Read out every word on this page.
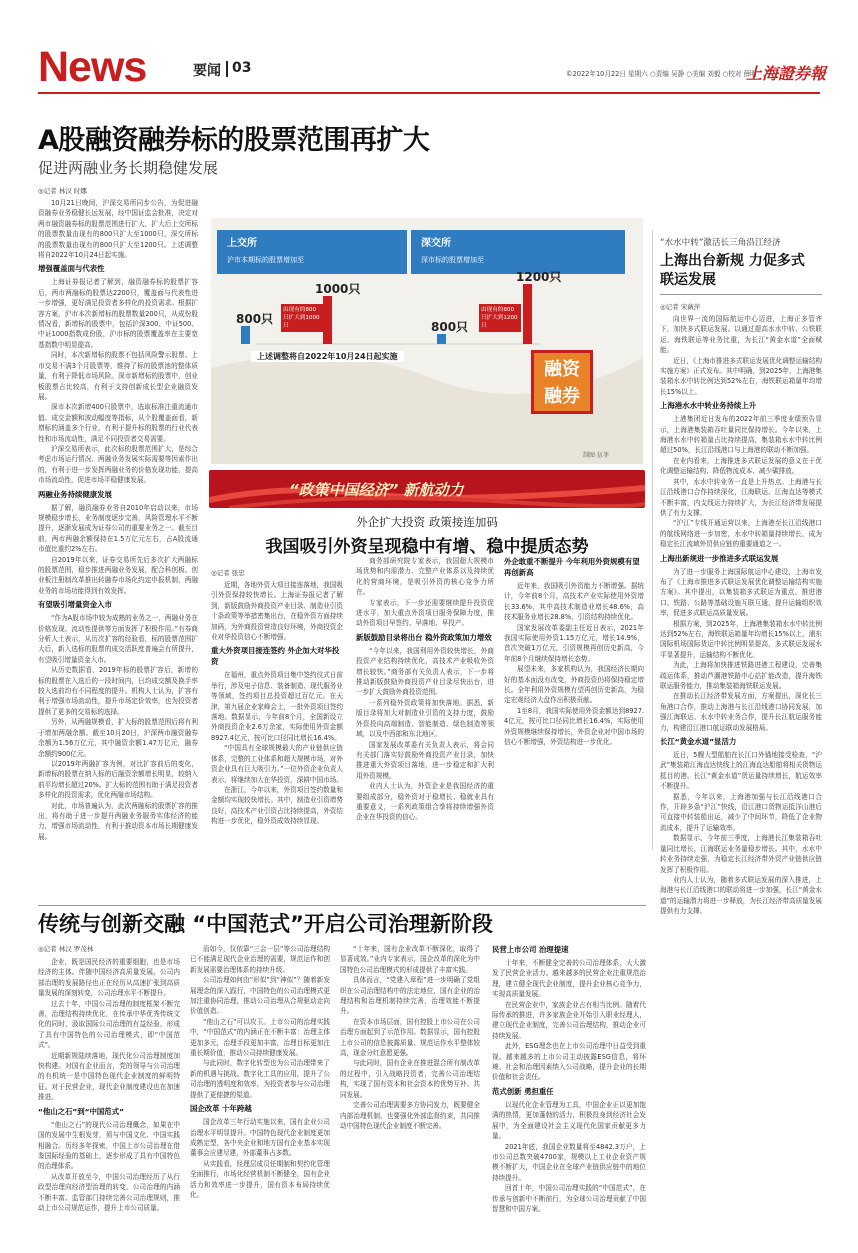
News	要闻 03	©2022年10月22日 星期六 ○责编 吴静 ○美编 刘毅 ○校对 薛明
上海證券報
A股融资融券标的股票范围再扩大
促进两融业务长期稳健发展
◎记者 林汉 时娜

10月21日晚间，沪深交易所同步公告，为促进融资融券业务稳健长远发展，经中国证监会批准，决定对两市融资融券标的股票范围进行扩大，扩大后上交所标的股票数量由现有的800只扩大至1000只，深交所标的股票数量由现有的800只扩大至1200只。上述调整将自2022年10月24日起实施。

增强覆盖面与代表性

上海证券报记者了解到，融资融券标的股票扩容后，两市两融标的股票达2200只，覆盖面与代表性进一步增强，更好满足投资者多样化的投资需求。根据扩容方案，沪市本次新增标的股票数量200只，从成份股情况看，新增标的股票中，包括沪深300、中证500、中证1000指数成份股，沪市标的股票覆盖率在主要宽基指数中明显提高。

同时，本次新增标的股票不包括风险警示股票、上市交易不满3个月股票等，维持了标的股票池的整体质量，有利于降低市场风险。深市新增标的股票中，创业板股票占比较高，有利于支持创新成长型企业融资发展。

深市本次新增400只股票中，选取标准注重流通市值、成交金额和波动幅度等指标，从个股覆盖面看，新增标的涵盖多个行业，有利于提升标的股票的行业代表性和市场流动性，满足不同投资者交易需要。

沪深交易所表示，此次标的股票范围扩大，是综合考虑市场运行情况、两融业务发展实际需要等因素作出的，有利于进一步发挥两融业务的价格发现功能，提高市场流动性，促进市场平稳健康发展。

两融业务持续健康发展

据了解，融资融券业务自2010年启动以来，市场规模稳步增长，业务制度逐步完善，风险管理水平不断提升，逐渐发展成为证券公司的重要业务之一。截至目前，两市两融余额保持在1.5万亿元左右，占A股流通市值比重约2%左右。

自2019年以来，证券交易所先后多次扩大两融标的股票范围，稳步推进两融业务发展，配合科创板、创业板注册制改革推出转融券市场化约定申报机制，两融业务的市场功能得到有效发挥。

有望吸引增量资金入市

“作为A股市场中较为成熟的业务之一，两融业务在价格发现、流动性提供等方面发挥了积极作用。”有券商分析人士表示，从历次扩容的经验看，标的股票范围扩大后，新入选标的股票的成交活跃度普遍会有所提升，有望吸引增量资金入市。

从历史数据看，2019年标的股票扩容后，新增的标的股票在入选后的一段时间内，日均成交额及换手率较入选前均有不同程度的提升。机构人士认为，扩容有利于增强市场流动性，提升市场定价效率，也为投资者提供了更多的交易标的选择。

另外，从两融规模看，扩大标的股票范围后将有利于增加两融余额。截至10月20日，沪深两市融资融券余额为1.56万亿元，其中融资余额1.47万亿元，融券余额约900亿元。

以2019年两融扩容为例，对比扩容前后的变化，新增标的股票在纳入标的后融资余额增长明显，较纳入前平均增长超过20%。扩大标的范围有助于满足投资者多样化的投资需求，优化两融市场结构。

对此，市场普遍认为，此次两融标的股票扩容的推出，将有助于进一步提升两融业务服务实体经济的能力，增强市场流动性，有利于推动资本市场长期健康发展。

上交所
沪市本期标的股票增加至
深交所
深市标的股票增加至
800只
1000只
由现有的800只扩大到1000只	800只
1200只
由现有的800只扩大到1200只
上述调整将自2022年10月24日起实施
融资
融券
制图 伍菲
“政策中国经济” 新航动力
外企扩大投资 政策接连加码
我国吸引外资呈现稳中有增、稳中提质态势
◎记者 张忠

近期，各地外资大项目接连落地，我国吸引外资保持较快增长。上海证券报记者了解到，新版鼓励外商投资产业目录、制造业引资十条政策等举措密集出台，在稳外资方面持续加码，为外商投资营造良好环境，外商投资企业对华投资信心不断增强。

重大外资项目接连签约 外企加大对华投资

在福州，重点外资项目集中签约仪式日前举行，涉及电子信息、装备制造、现代服务业等领域，签约项目总投资超过百亿元。在天津，第九届企业家峰会上，一批外资项目签约落地。数据显示，今年前8个月，全国新设立外商投资企业2.6万余家，实际使用外资金额8927.4亿元，按可比口径同比增长16.4%。

“中国具有全球规模最大的产业链供应链体系，完整的工业体系和超大规模市场，对外资企业具有巨大吸引力。”一位外资企业负责人表示，将继续加大在华投资，深耕中国市场。

在浙江，今年以来，外资项目签约数量和金额均实现较快增长。其中，制造业引资增势良好，高技术产业引资占比持续提高，外资结构进一步优化，稳外资成效持续显现。

商务部研究院专家表示，我国超大规模市场优势和内需潜力、完整产业体系以及持续优化的营商环境，是吸引外资的核心竞争力所在。

专家表示，下一步还需要继续提升投资促进水平，加大重点外资项目服务保障力度，推动外资项目早签约、早落地、早投产。

新版鼓励目录将出台 稳外资政策加力增效

“今年以来，我国利用外资较快增长，外商投资产业结构持续优化，高技术产业吸收外资增长较快。”商务部有关负责人表示，下一步将推动新版鼓励外商投资产业目录尽快出台，进一步扩大鼓励外商投资范围。

一系列稳外资政策将加快落地。据悉，新版目录将加大对制造业引资的支持力度，鼓励外资投向高端制造、智能制造、绿色制造等领域，以及中西部和东北地区。

国家发展改革委有关负责人表示，将会同有关部门落实好鼓励外商投资产业目录，加快推进重大外资项目落地，进一步稳定和扩大利用外资规模。

业内人士认为，外资企业是我国经济的重要组成部分，稳外资对于稳增长、稳就业具有重要意义，一系列政策组合拳将持续增强外资企业在华投资的信心。

外企敢重不断提升 今年利用外资规模有望再创新高

近年来，我国吸引外资能力不断增强。据统计，今年前8个月，高技术产业实际使用外资增长33.6%，其中高技术制造业增长48.6%，高技术服务业增长28.8%，引资结构持续优化。

国家发展改革委副主任近日表示，2021年我国实际使用外资1.15万亿元，增长14.9%，首次突破1万亿元，引资规模再创历史新高，今年前8个月继续保持增长态势。

展望未来，多家机构认为，我国经济长期向好的基本面没有改变，外商投资仍将保持稳定增长。全年利用外资规模有望再创历史新高，为稳定宏观经济大盘作出积极贡献。

1至8月，我国实际使用外资金额达到8927.4亿元，按可比口径同比增长16.4%，实际使用外资规模继续保持增长，外资企业对中国市场的信心不断增强，外资结构进一步优化。

“水水中转”激活长三角沿江经济
上海出台新规 力促多式联运发展
◎记者 宋薇萍

向世界一流的国际航运中心迈进，上海正多管齐下，加快多式联运发展。以通过提高水水中转、公铁联运、海铁联运等业务比重，为长江“黄金水道”全面赋能。

近日，《上海市推进多式联运发展优化调整运输结构实施方案》正式发布。其中明确，到2025年，上海港集装箱水水中转比例达到52%左右，海铁联运箱量年均增长15%以上。

上海港水水中转业务持续上升

上港集团近日发布的2022年前三季度业绩预告显示，上海港集装箱吞吐量同比保持增长。今年以来，上海港水水中转箱量占比持续提高，集装箱水水中转比例超过50%，长江沿线港口与上海港的联动不断加强。

在业内看来，上海推进多式联运发展的意义在于优化调整运输结构、降低物流成本、减少碳排放。

其中，水水中转业务一直是上升热点。上海港与长江沿线港口合作持续深化，江海联运、江海直达等模式不断丰富，内支线运力持续扩大，为长江经济带发展提供了有力支撑。

“沪江”专线开通运营以来，上海港至长江沿线港口的航线网络进一步加密，水水中转箱量持续增长，成为稳定长江流域外贸供应链的重要通道之一。

上海出新规进一步推进多式联运发展

为了进一步服务上海国际航运中心建设，上海市发布了《上海市推进多式联运发展优化调整运输结构实施方案》。其中提出，以集装箱多式联运为重点，推进港口、铁路、公路等基础设施互联互通，提升运输组织效率，促进多式联运高质量发展。

根据方案，到2025年，上海港集装箱水水中转比例达到52%左右，海铁联运箱量年均增长15%以上，浦东国际机场国际货运中转比例明显提高，多式联运发展水平显著提升，运输结构不断优化。

为此，上海将加快推进铁路进港工程建设，完善集疏运体系，推动芦潮港铁路中心站扩能改造，提升海铁联运服务能力，推动集装箱海铁联运发展。

在推动长江经济带发展方面，方案提出，深化长三角港口合作，推动上海港与长江沿线港口协同发展，加强江海联运、水水中转业务合作，提升长江航运服务能力，构建沿江港口航运联动发展格局。

长江“黄金水道”显活力

近日，5艘大型船舶在长江口外锚地接受检查，“沪武”集装箱江海直达快线上的江海直达船舶将相关货物运抵目的港。长江“黄金水道”货运量持续增长，航运效率不断提升。

据悉，今年以来，上海港加强与长江沿线港口合作，开辟多条“沪江”快线，沿江港口货物运抵洋山港后可直接中转装船出运，减少了中间环节，降低了企业物流成本，提升了运输效率。

数据显示，今年前三季度，上海港长江集装箱吞吐量同比增长，江海联运业务量稳步增长。其中，水水中转业务持续走强，为稳定长江经济带外贸产业链供应链发挥了积极作用。

业内人士认为，随着多式联运发展的深入推进，上海港与长江沿线港口的联动将进一步加强，长江“黄金水道”的运输潜力将进一步释放，为长江经济带高质量发展提供有力支撑。

传统与创新交融 “中国范式”开启公司治理新阶段
◎记者 林汉 罗茂林

企业，既是国民经济的重要细胞，也是市场经济的主体。伴随中国经济高质量发展，公司内部治理的发展路径也正在经历从高速扩张到高质量发展的深刻转变，公司治理水平不断提升。

过去十年，中国公司治理的制度框架不断完善，治理结构持续优化，在传承中华优秀传统文化的同时，汲取国际公司治理的有益经验，形成了具有中国特色的公司治理模式，即“中国范式”。

近期新规陆续落地，现代化公司治理制度加快构建。对国有企业而言，党的领导与公司治理的有机统一是中国特色现代企业制度的鲜明特征。对于民营企业，现代企业制度建设也在加速推进。

“他山之石”到“中国范式”

“他山之石”的现代公司治理概念，如果在中国的发展中生根发芽，须与中国文化、中国实践相融合。历经多年探索，中国上市公司治理在借鉴国际经验的基础上，逐步形成了具有中国特色的治理体系。

从改革开放至今，中国公司治理经历了从行政型治理向经济型治理的转变，公司治理的内涵不断丰富。监管部门持续完善公司治理规则，推动上市公司规范运作，提升上市公司质量。

而如今，仅依靠“三会一层”等公司治理结构已不能满足现代企业治理的需要，规范运作和创新发展需要治理体系的持续升级。

公司治理如何由“形似”到“神似”？随着新发展理念的深入践行，中国特色的公司治理模式更加注重协同治理，推动公司治理从合规驱动走向价值创造。

“他山之石”可以攻玉。上市公司的治理实践中，“中国范式”的内涵正在不断丰富：治理主体更加多元，治理手段更加丰富，治理目标更加注重长期价值，推动公司持续健康发展。

与此同时，数字化转型也为公司治理带来了新的机遇与挑战。数字化工具的应用，提升了公司治理的透明度和效率，为投资者参与公司治理提供了更便捷的渠道。

国企改革 十年跨越

国企改革三年行动实施以来，国有企业公司治理水平明显提升。中国特色现代企业制度更加成熟定型，各中央企业和地方国有企业基本实现董事会应建尽建，外部董事占多数。

从实践看，经理层成员任期制和契约化管理全面推行，市场化经营机制不断健全，国有企业活力和效率进一步提升，国有资本布局持续优化。

“十年来，国有企业改革不断深化，取得了显著成效。”业内专家表示，国企改革的深化为中国特色公司治理模式的形成提供了丰富实践。

具体而言，“党建入章程”进一步明确了党组织在公司治理结构中的法定地位，国有企业的治理结构和治理机制持续完善，治理效能不断提升。

在资本市场层面，国有控股上市公司在公司治理方面起到了示范作用。数据显示，国有控股上市公司的信息披露质量、规范运作水平整体较高，现金分红意愿更强。

与此同时，国有企业在推进混合所有制改革的过程中，引入战略投资者，完善公司治理结构，实现了国有资本和社会资本的优势互补、共同发展。

完善公司治理需要多方协同发力，既要健全内部治理机制，也要强化外部监督约束，共同推动中国特色现代企业制度不断完善。

民营上市公司 治理提速

十年来，不断健全完善的公司治理体系，大大激发了民营企业活力。越来越多的民营企业注重规范治理，建立健全现代企业制度，提升企业核心竞争力，实现高质量发展。

在民营企业中，家族企业占有相当比例。随着代际传承的推进，许多家族企业开始引入职业经理人，建立现代企业制度，完善公司治理结构，推动企业可持续发展。

此外，ESG理念也在上市公司治理中日益受到重视。越来越多的上市公司主动披露ESG信息，将环境、社会和治理因素纳入公司战略，提升企业的长期价值和社会责任。

范式创新 勇担重任

以现代化企业管理为工具，中国企业正以更加饱满的热情，更加蓬勃的活力，积极投身到经济社会发展中，为全面建设社会主义现代化国家贡献更多力量。

2021年底，我国企业数量将至4842.3万户，上市公司总数突破4700家，规模以上工业企业资产规模不断扩大，中国企业在全球产业链供应链中的地位持续提升。

回首十年，中国公司治理实践的“中国范式”，在传承与创新中不断前行，为全球公司治理贡献了中国智慧和中国方案。
